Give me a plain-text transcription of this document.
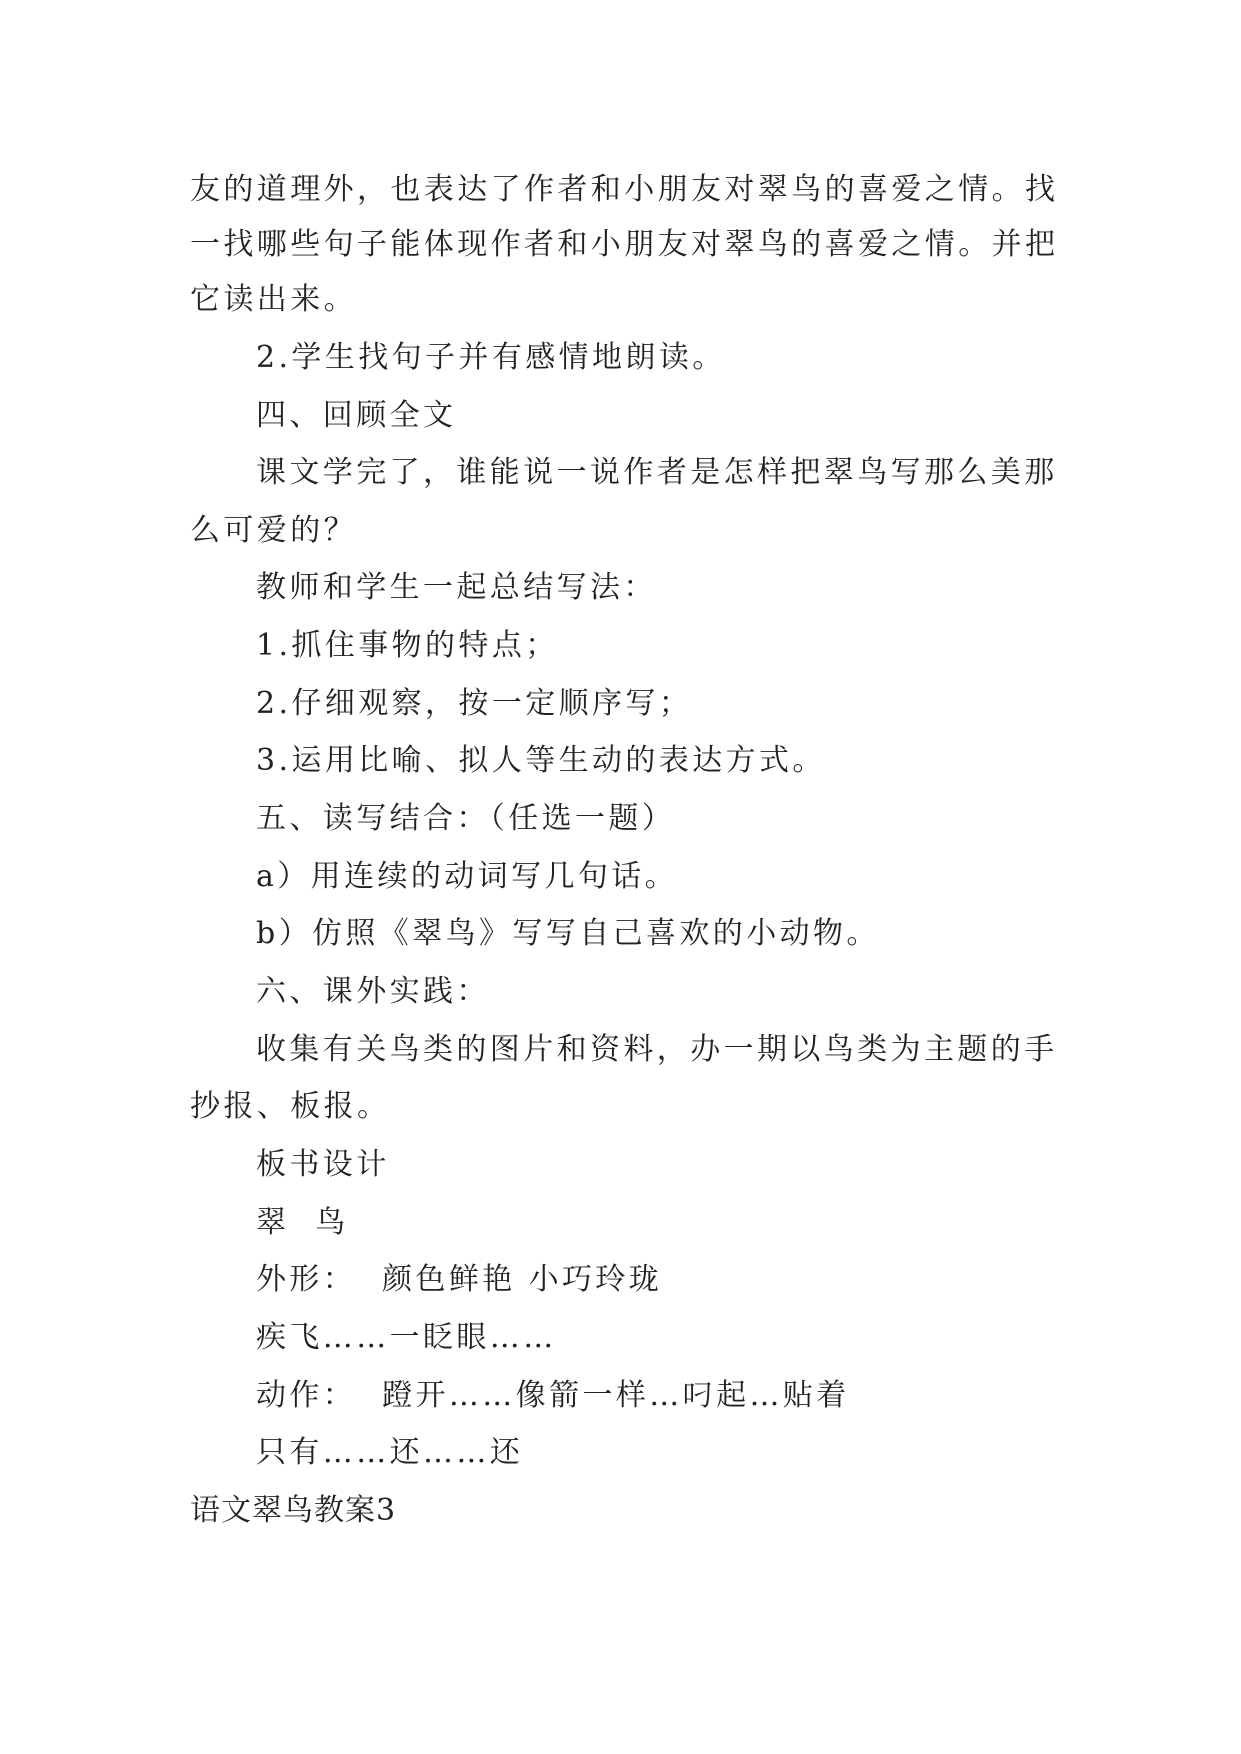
友的道理外，也表达了作者和小朋友对翠鸟的喜爱之情。找
一找哪些句子能体现作者和小朋友对翠鸟的喜爱之情。并把
它读出来。
2.学生找句子并有感情地朗读。
四、回顾全文
课文学完了，谁能说一说作者是怎样把翠鸟写那么美那
么可爱的？
教师和学生一起总结写法：
1.抓住事物的特点；
2.仔细观察，按一定顺序写；
3.运用比喻、拟人等生动的表达方式。
五、读写结合：（任选一题）
a）用连续的动词写几句话。
b）仿照《翠鸟》写写自己喜欢的小动物。
六、课外实践：
收集有关鸟类的图片和资料，办一期以鸟类为主题的手
抄报、板报。
板书设计
翠  鸟
外形：  颜色鲜艳 小巧玲珑
疾飞……一眨眼……
动作：  蹬开……像箭一样…叼起…贴着
只有……还……还
语文翠鸟教案3
